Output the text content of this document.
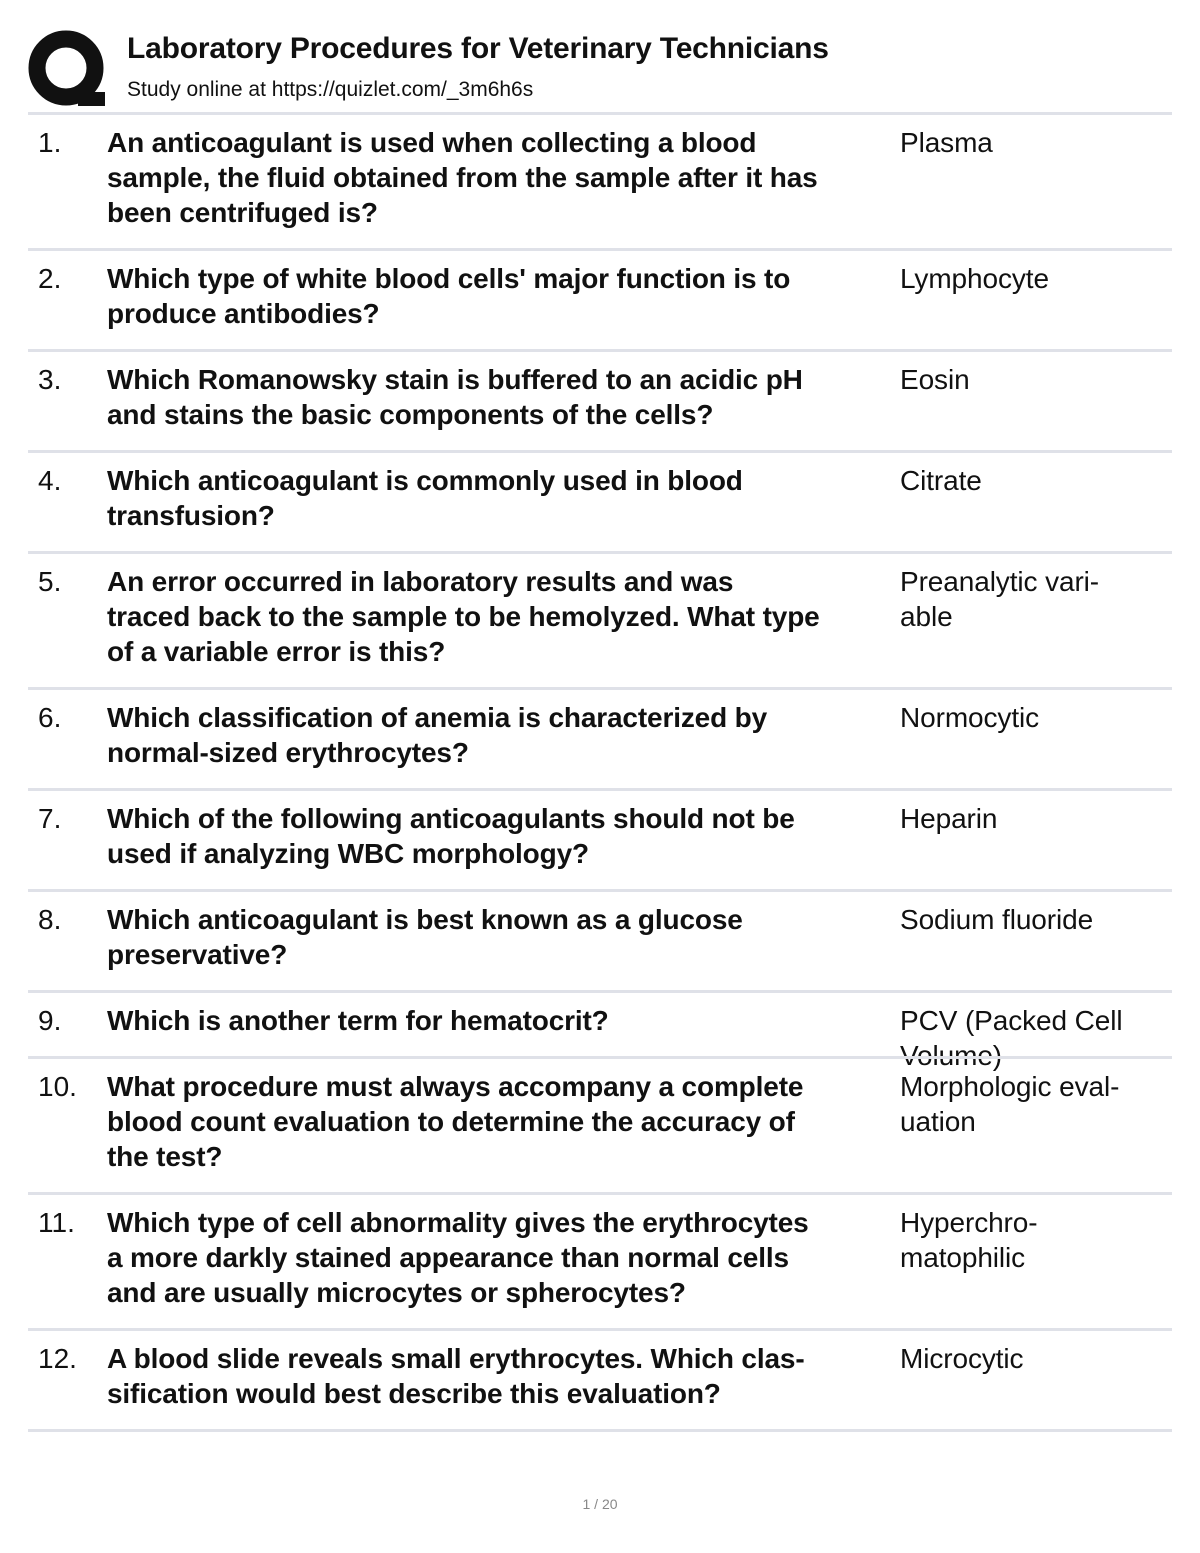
Laboratory Procedures for Veterinary Technicians
Study online at https://quizlet.com/_3m6h6s
1. An anticoagulant is used when collecting a blood
sample, the fluid obtained from the sample after it has
been centrifuged is?
Plasma
2. Which type of white blood cells' major function is to
produce antibodies?
Lymphocyte
3. Which Romanowsky stain is buffered to an acidic pH
and stains the basic components of the cells?
Eosin
4. Which anticoagulant is commonly used in blood
transfusion?
Citrate
5. An error occurred in laboratory results and was
traced back to the sample to be hemolyzed. What type
of a variable error is this?
Preanalytic vari-
able
6. Which classification of anemia is characterized by
normal-sized erythrocytes?
Normocytic
7. Which of the following anticoagulants should not be
used if analyzing WBC morphology?
Heparin
8. Which anticoagulant is best known as a glucose
preservative?
Sodium fluoride
9. Which is another term for hematocrit?	PCV (Packed Cell
Volume)
10. What procedure must always accompany a complete
blood count evaluation to determine the accuracy of
the test?
Morphologic eval-
uation
11. Which type of cell abnormality gives the erythrocytes
a more darkly stained appearance than normal cells
and are usually microcytes or spherocytes?
Hyperchro-
matophilic
12. A blood slide reveals small erythrocytes. Which clas-
sification would best describe this evaluation?
Microcytic
1 / 20
